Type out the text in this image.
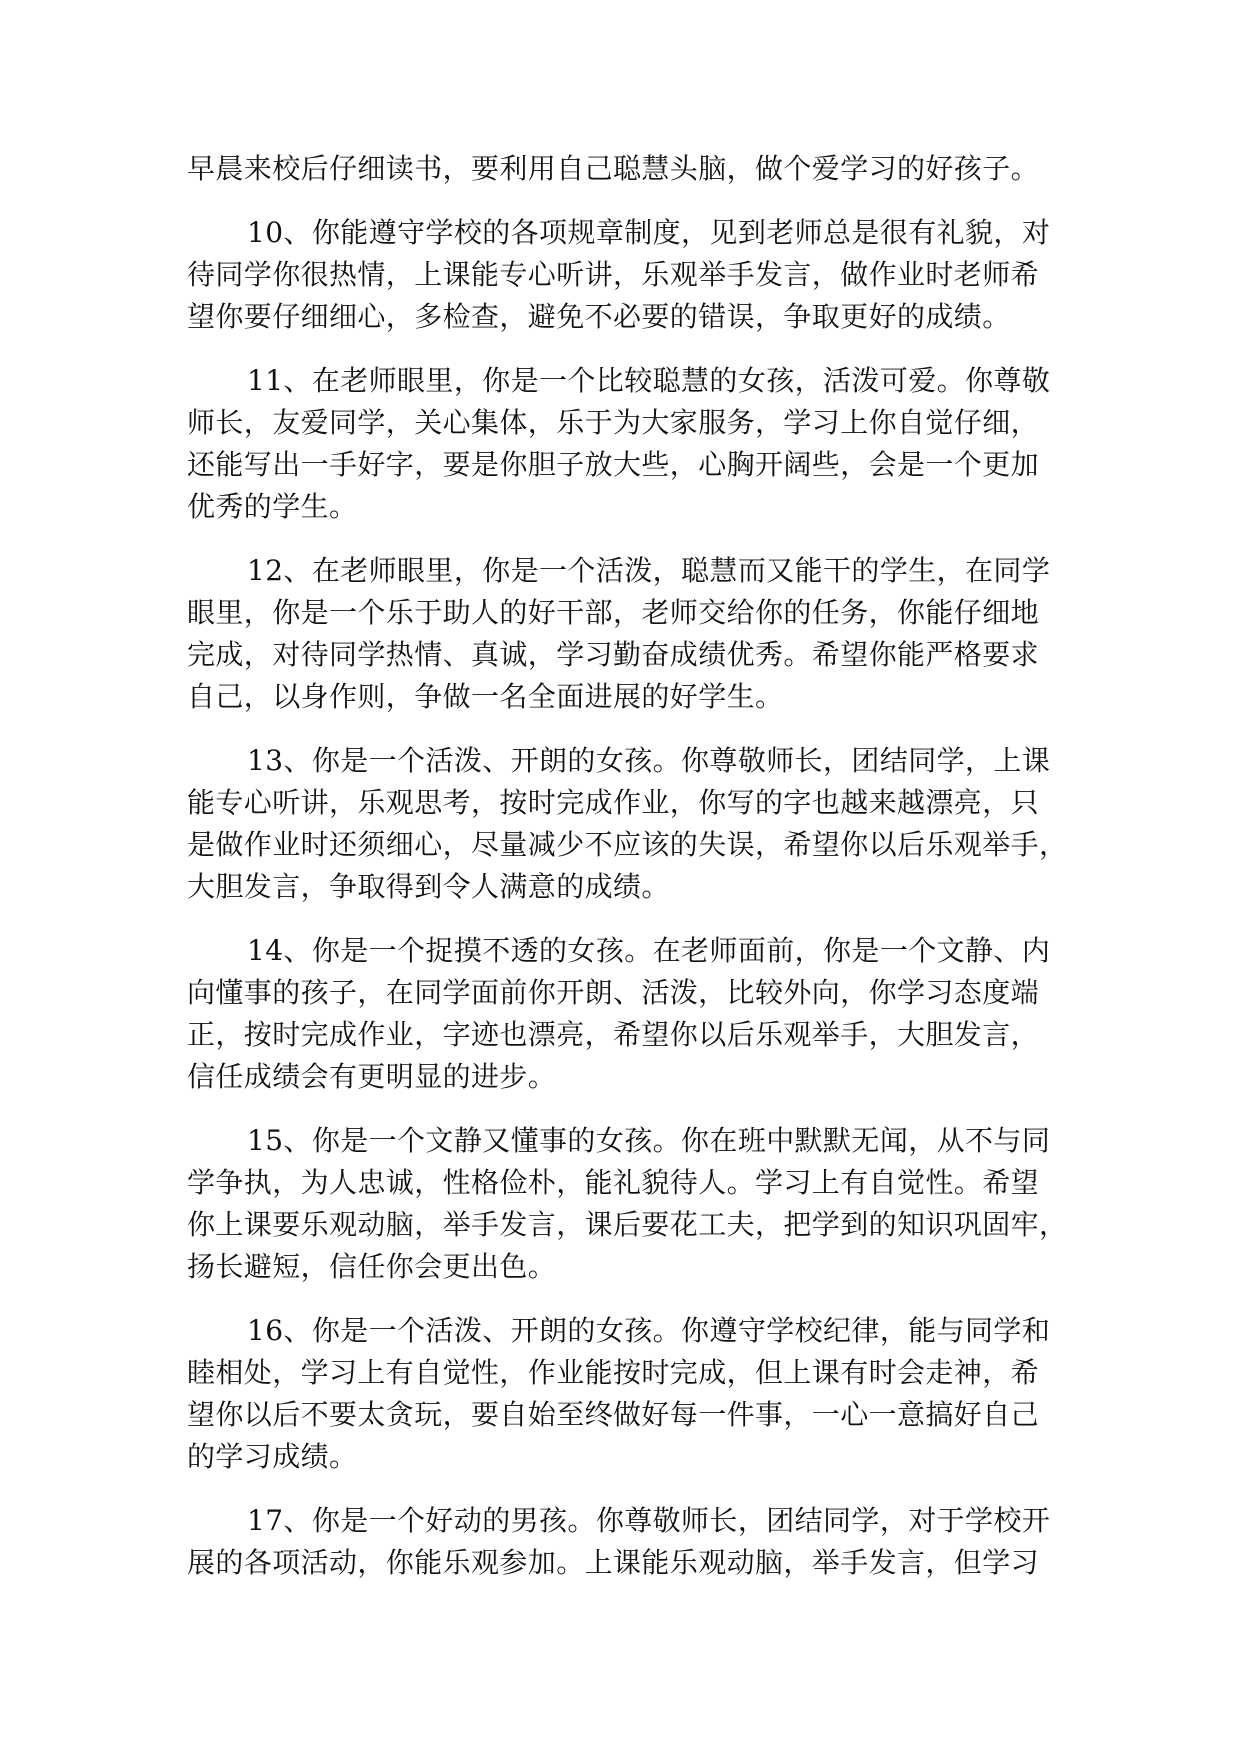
早晨来校后仔细读书，要利用自己聪慧头脑，做个爱学习的好孩子。
10、你能遵守学校的各项规章制度，见到老师总是很有礼貌，对
待同学你很热情，上课能专心听讲，乐观举手发言，做作业时老师希
望你要仔细细心，多检查，避免不必要的错误，争取更好的成绩。
11、在老师眼里，你是一个比较聪慧的女孩，活泼可爱。你尊敬
师长，友爱同学，关心集体，乐于为大家服务，学习上你自觉仔细，
还能写出一手好字，要是你胆子放大些，心胸开阔些，会是一个更加
优秀的学生。
12、在老师眼里，你是一个活泼，聪慧而又能干的学生，在同学
眼里，你是一个乐于助人的好干部，老师交给你的任务，你能仔细地
完成，对待同学热情、真诚，学习勤奋成绩优秀。希望你能严格要求
自己，以身作则，争做一名全面进展的好学生。
13、你是一个活泼、开朗的女孩。你尊敬师长，团结同学，上课
能专心听讲，乐观思考，按时完成作业，你写的字也越来越漂亮，只
是做作业时还须细心，尽量减少不应该的失误，希望你以后乐观举手，
大胆发言，争取得到令人满意的成绩。
14、你是一个捉摸不透的女孩。在老师面前，你是一个文静、内
向懂事的孩子，在同学面前你开朗、活泼，比较外向，你学习态度端
正，按时完成作业，字迹也漂亮，希望你以后乐观举手，大胆发言，
信任成绩会有更明显的进步。
15、你是一个文静又懂事的女孩。你在班中默默无闻，从不与同
学争执，为人忠诚，性格俭朴，能礼貌待人。学习上有自觉性。希望
你上课要乐观动脑，举手发言，课后要花工夫，把学到的知识巩固牢，
扬长避短，信任你会更出色。
16、你是一个活泼、开朗的女孩。你遵守学校纪律，能与同学和
睦相处，学习上有自觉性，作业能按时完成，但上课有时会走神，希
望你以后不要太贪玩，要自始至终做好每一件事，一心一意搞好自己
的学习成绩。
17、你是一个好动的男孩。你尊敬师长，团结同学，对于学校开
展的各项活动，你能乐观参加。上课能乐观动脑，举手发言，但学习
